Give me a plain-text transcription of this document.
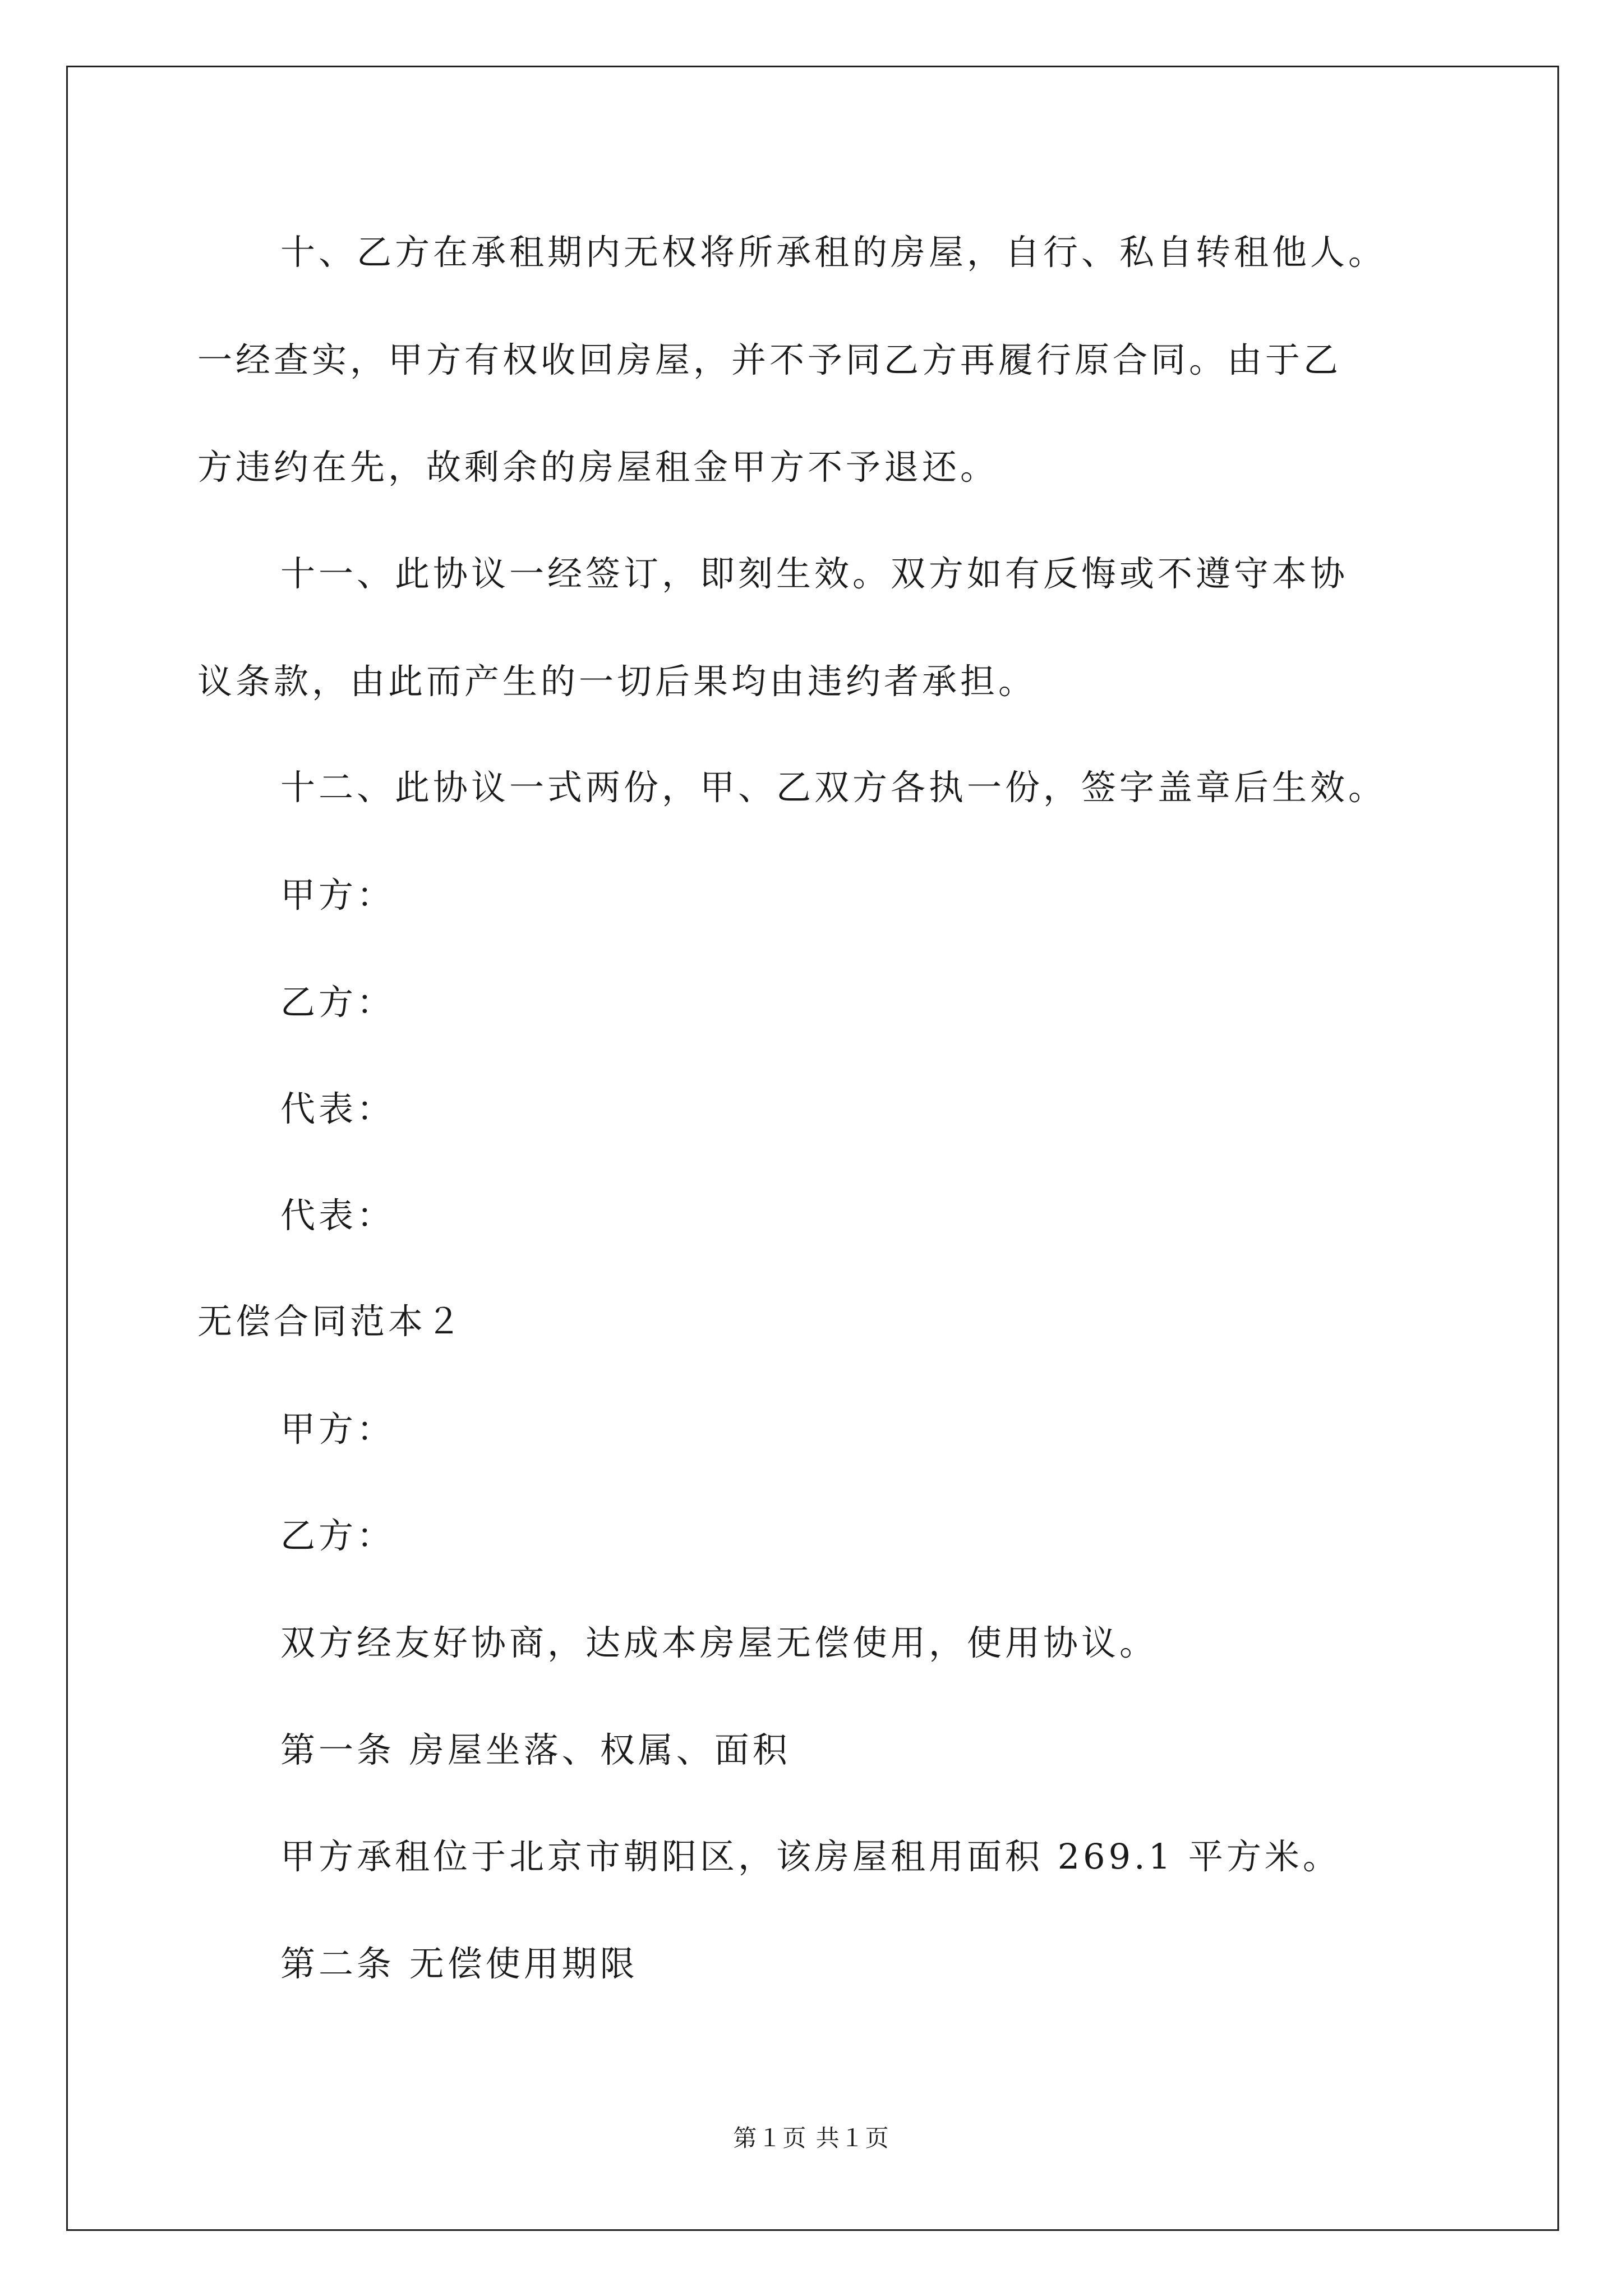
十、乙方在承租期内无权将所承租的房屋，自行、私自转租他人。
一经查实，甲方有权收回房屋，并不予同乙方再履行原合同。由于乙
方违约在先，故剩余的房屋租金甲方不予退还。
十一、此协议一经签订，即刻生效。双方如有反悔或不遵守本协
议条款，由此而产生的一切后果均由违约者承担。
十二、此协议一式两份，甲、乙双方各执一份，签字盖章后生效。
甲方：
乙方：
代表：
代表：
无偿合同范本２
甲方：
乙方：
双方经友好协商，达成本房屋无偿使用，使用协议。
第一条 房屋坐落、权属、面积
甲方承租位于北京市朝阳区，该房屋租用面积 269.1 平方米。
第二条 无偿使用期限
第１页 共１页
